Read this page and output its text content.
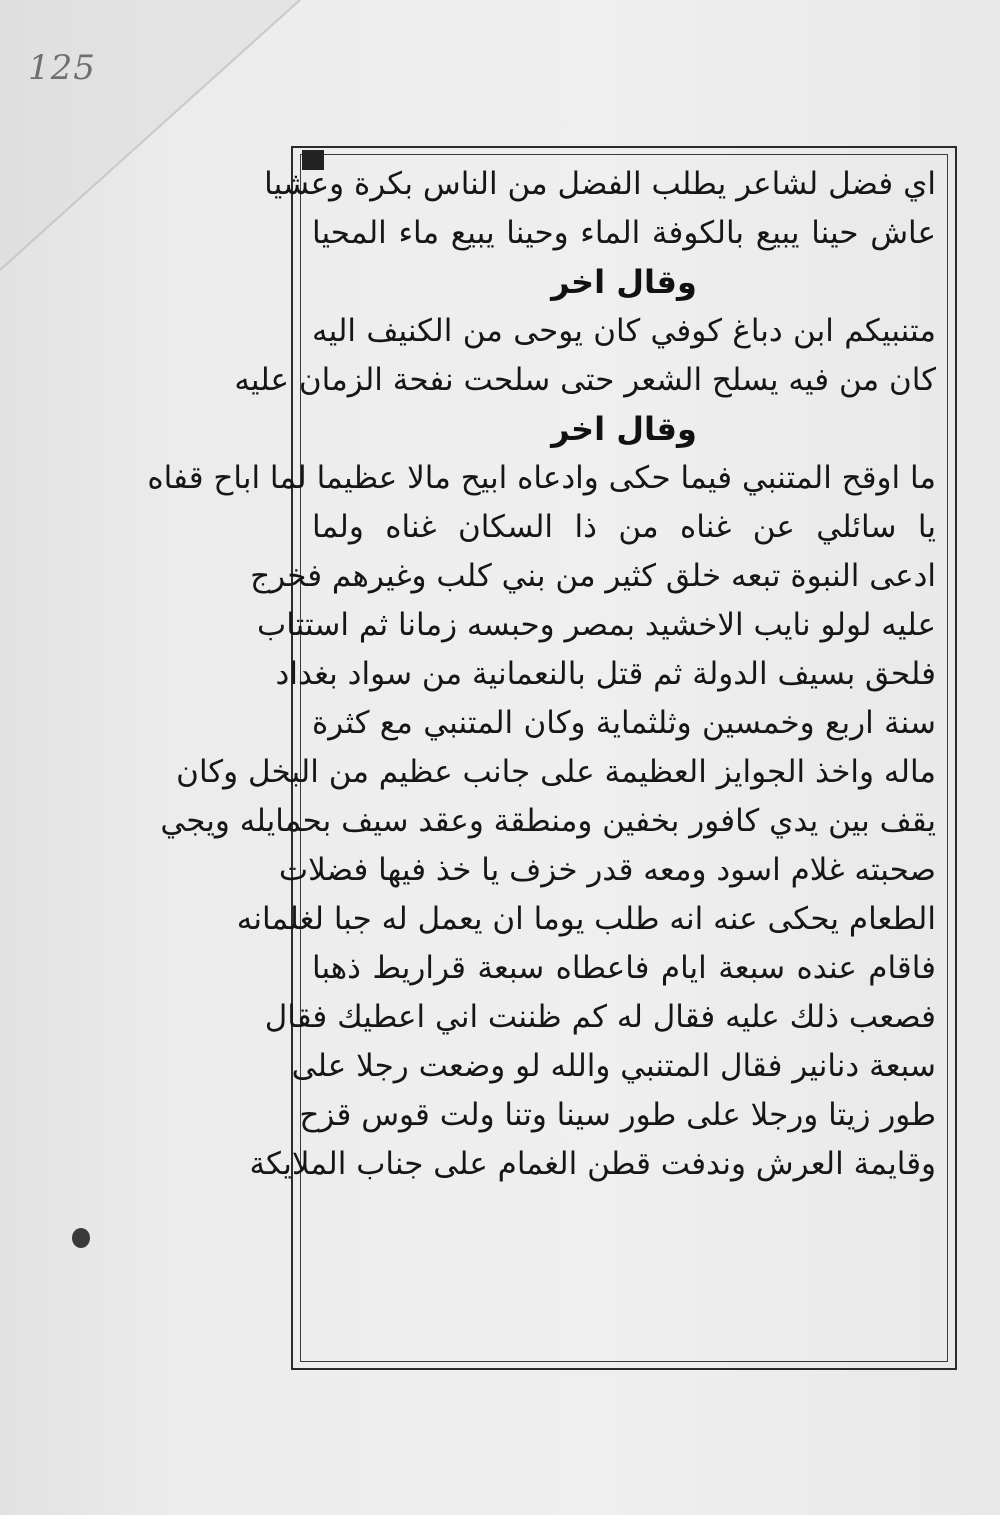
125
اي فضل لشاعر يطلب الفضل من الناس بكرة وعشيا
عاش حينا يبيع بالكوفة الماء وحينا يبيع ماء المحيا
وقال اخر
متنبيكم ابن دباغ كوفي كان يوحى من الكنيف اليه
كان من فيه يسلح الشعر حتى سلحت نفحة الزمان عليه
وقال اخر
ما اوقح المتنبي فيما حكى وادعاه ابيح مالا عظيما لما اباح قفاه
يا سائلي عن غناه من ذا السكان غناه ولما
ادعى النبوة تبعه خلق كثير من بني كلب وغيرهم فخرج
عليه لولو نايب الاخشيد بمصر وحبسه زمانا ثم استتاب
فلحق بسيف الدولة ثم قتل بالنعمانية من سواد بغداد
سنة اربع وخمسين وثلثماية وكان المتنبي مع كثرة
ماله واخذ الجوايز العظيمة على جانب عظيم من البخل وكان
يقف بين يدي كافور بخفين ومنطقة وعقد سيف بحمايله ويجي
صحبته غلام اسود ومعه قدر خزف يا خذ فيها فضلات
الطعام يحكى عنه انه طلب يوما ان يعمل له جبا لغلمانه
فاقام عنده سبعة ايام فاعطاه سبعة قراريط ذهبا
فصعب ذلك عليه فقال له كم ظننت اني اعطيك فقال
سبعة دنانير فقال المتنبي والله لو وضعت رجلا على
طور زيتا ورجلا على طور سينا وتنا ولت قوس قزح
وقايمة العرش وندفت قطن الغمام على جناب الملايكة
